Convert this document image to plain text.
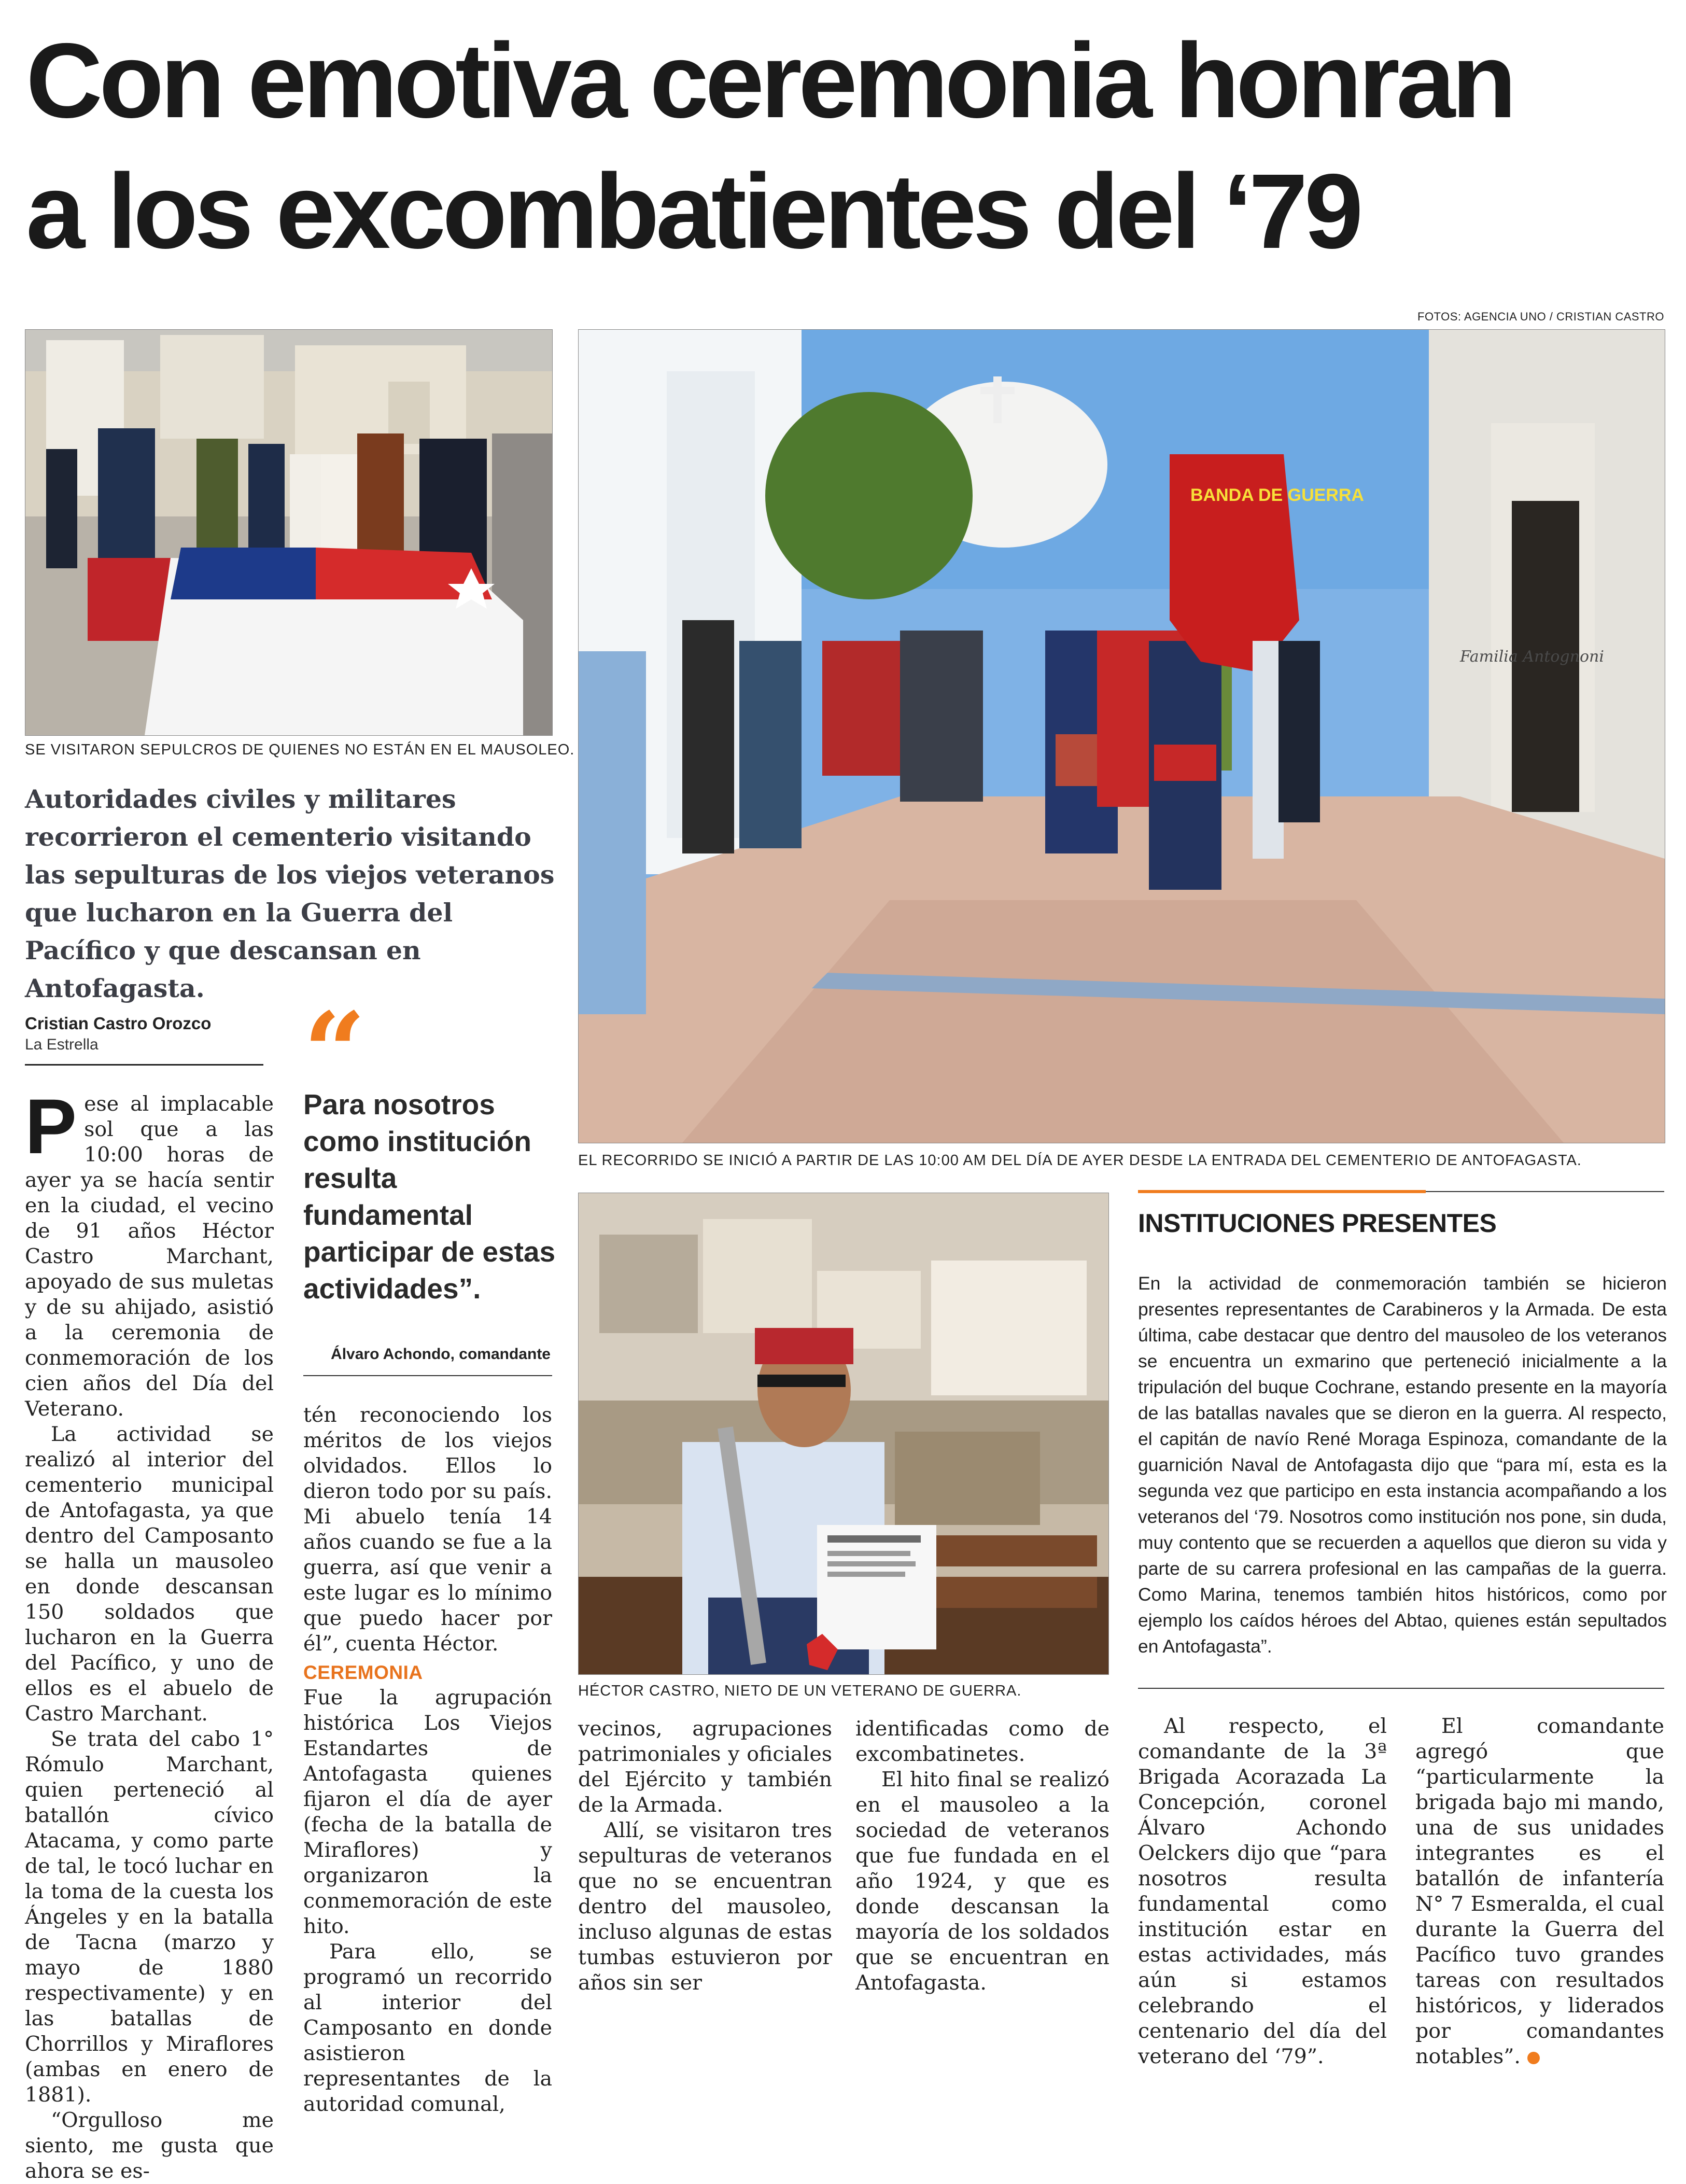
Con emotiva ceremonia honran
a los excombatientes del ‘79
FOTOS: AGENCIA UNO / CRISTIAN CASTRO
SE VISITARON SEPULCROS DE QUIENES NO ESTÁN EN EL MAUSOLEO.
BANDA DE GUERRA
Familia Antognoni
EL RECORRIDO SE INICIÓ A PARTIR DE LAS 10:00 AM DEL DÍA DE AYER DESDE LA ENTRADA DEL CEMENTERIO DE ANTOFAGASTA.
HÉCTOR CASTRO, NIETO DE UN VETERANO DE GUERRA.
Autoridades civiles y militares recorrieron el cementerio visitando las sepulturas de los viejos veteranos que lucharon en la Guerra del Pacífico y que descansan en Antofagasta.
Cristian Castro Orozco
La Estrella “
Para nosotros como institución resulta fundamental participar de estas actividades”.
Álvaro Achondo, comandante

Pese al implacable sol que a las 10:00 horas de ayer ya se hacía sentir en la ciudad, el vecino de 91 años Héctor Castro Marchant, apoyado de sus muletas y de su ahijado, asistió a la ceremonia de conmemoración de los cien años del Día del Veterano.

La actividad se realizó al interior del cementerio municipal de Antofagasta, ya que dentro del Camposanto se halla un mausoleo en donde descansan 150 soldados que lucharon en la Guerra del Pacífico, y uno de ellos es el abuelo de Castro Marchant.

Se trata del cabo 1° Rómulo Marchant, quien perteneció al batallón cívico Atacama, y como parte de tal, le tocó luchar en la toma de la cuesta los Ángeles y en la batalla de Tacna (marzo y mayo de 1880 respectivamente) y en las batallas de Chorrillos y Miraflores (ambas en enero de 1881).

“Orgulloso me siento, me gusta que ahora se es-

tén reconociendo los méritos de los viejos olvidados. Ellos lo dieron todo por su país. Mi abuelo tenía 14 años cuando se fue a la guerra, así que venir a este lugar es lo mínimo que puedo hacer por él”, cuenta Héctor.

CEREMONIA

Fue la agrupación histórica Los Viejos Estandartes de Antofagasta quienes fijaron el día de ayer (fecha de la batalla de Miraflores) y organizaron la conmemoración de este hito.

Para ello, se programó un recorrido al interior del Camposanto en donde asistieron representantes de la autoridad comunal,

vecinos, agrupaciones patrimoniales y oficiales del Ejército y también de la Armada.

Allí, se visitaron tres sepulturas de veteranos que no se encuentran dentro del mausoleo, incluso algunas de estas tumbas estuvieron por años sin ser

identificadas como de excombatinetes.

El hito final se realizó en el mausoleo a la sociedad de veteranos que fue fundada en el año 1924, y que es donde descansan la mayoría de los soldados que se encuentran en Antofagasta.

INSTITUCIONES PRESENTES
En la actividad de conmemoración también se hicieron presentes representantes de Carabineros y la Armada. De esta última, cabe destacar que dentro del mausoleo de los veteranos se encuentra un exmarino que perteneció inicialmente a la tripulación del buque Cochrane, estando presente en la mayoría de las batallas navales que se dieron en la guerra. Al respecto, el capitán de navío René Moraga Espinoza, comandante de la guarnición Naval de Antofagasta dijo que “para mí, esta es la segunda vez que participo en esta instancia acompañando a los veteranos del ‘79. Nosotros como institución nos pone, sin duda, muy contento que se recuerden a aquellos que dieron su vida y parte de su carrera profesional en las campañas de la guerra. Como Marina, tenemos también hitos históricos, como por ejemplo los caídos héroes del Abtao, quienes están sepultados en Antofagasta”.

Al respecto, el comandante de la 3ª Brigada Acorazada La Concepción, coronel Álvaro Achondo Oelckers dijo que “para nosotros resulta fundamental como institución estar en estas actividades, más aún si estamos celebrando el centenario del día del veterano del ‘79”.

El comandante agregó que “particularmente la brigada bajo mi mando, una de sus unidades integrantes es el batallón de infantería N° 7 Esmeralda, el cual durante la Guerra del Pacífico tuvo grandes tareas con resultados históricos, y liderados por comandantes notables”.	✪
